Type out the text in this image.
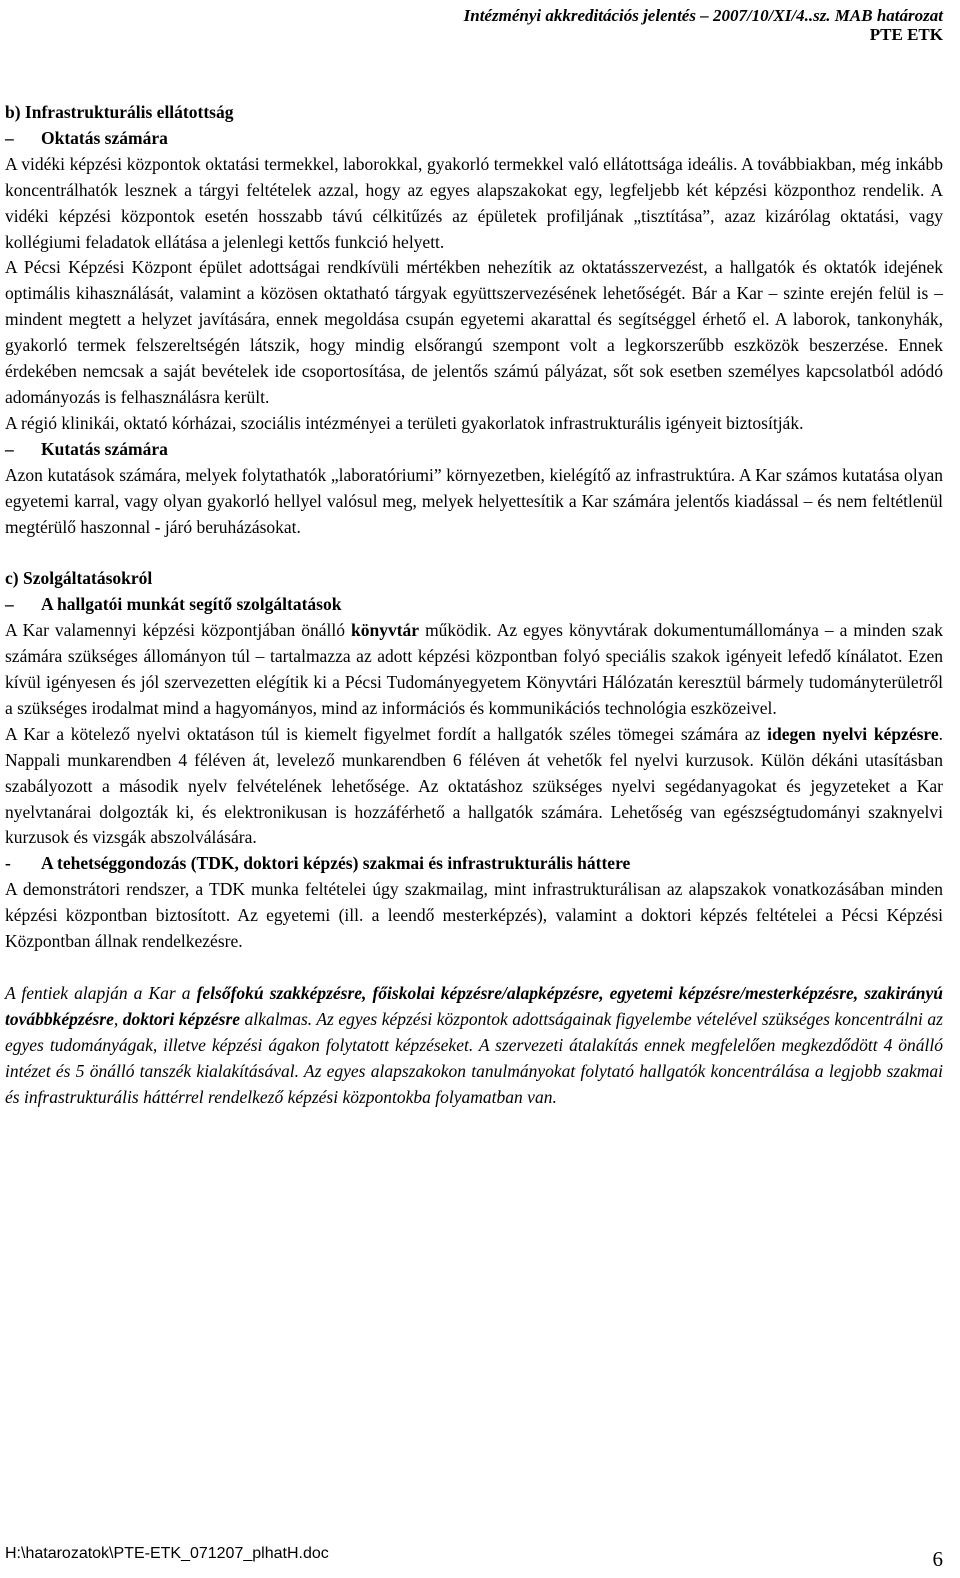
Intézményi akkreditációs jelentés – 2007/10/XI/4..sz. MAB határozat
PTE ETK

b) Infrastrukturális ellátottság

– Oktatás számára

A vidéki képzési központok oktatási termekkel, laborokkal, gyakorló termekkel való ellátottsága ideális. A továbbiakban, még inkább koncentrálhatók lesznek a tárgyi feltételek azzal, hogy az egyes alapszakokat egy, legfeljebb két képzési központhoz rendelik. A vidéki képzési központok esetén hosszabb távú célkitűzés az épületek profiljának „tisztítása”, azaz kizárólag oktatási, vagy kollégiumi feladatok ellátása a jelenlegi kettős funkció helyett.

A Pécsi Képzési Központ épület adottságai rendkívüli mértékben nehezítik az oktatásszervezést, a hallgatók és oktatók idejének optimális kihasználását, valamint a közösen oktatható tárgyak együttszervezésének lehetőségét. Bár a Kar – szinte erején felül is – mindent megtett a helyzet javítására, ennek megoldása csupán egyetemi akarattal és segítséggel érhető el. A laborok, tankonyhák, gyakorló termek felszereltségén látszik, hogy mindig elsőrangú szempont volt a legkorszerűbb eszközök beszerzése. Ennek érdekében nemcsak a saját bevételek ide csoportosítása, de jelentős számú pályázat, sőt sok esetben személyes kapcsolatból adódó adományozás is felhasználásra került.

A régió klinikái, oktató kórházai, szociális intézményei a területi gyakorlatok infrastrukturális igényeit biztosítják.

– Kutatás számára

Azon kutatások számára, melyek folytathatók „laboratóriumi” környezetben, kielégítő az infrastruktúra. A Kar számos kutatása olyan egyetemi karral, vagy olyan gyakorló hellyel valósul meg, melyek helyettesítik a Kar számára jelentős kiadással – és nem feltétlenül megtérülő haszonnal - járó beruházásokat.

c) Szolgáltatásokról

– A hallgatói munkát segítő szolgáltatások

A Kar valamennyi képzési központjában önálló könyvtár működik. Az egyes könyvtárak dokumentumállománya – a minden szak számára szükséges állományon túl – tartalmazza az adott képzési központban folyó speciális szakok igényeit lefedő kínálatot. Ezen kívül igényesen és jól szervezetten elégítik ki a Pécsi Tudományegyetem Könyvtári Hálózatán keresztül bármely tudományterületről a szükséges irodalmat mind a hagyományos, mind az információs és kommunikációs technológia eszközeivel.

A Kar a kötelező nyelvi oktatáson túl is kiemelt figyelmet fordít a hallgatók széles tömegei számára az idegen nyelvi képzésre. Nappali munkarendben 4 féléven át, levelező munkarendben 6 féléven át vehetők fel nyelvi kurzusok. Külön dékáni utasításban szabályozott a második nyelv felvételének lehetősége. Az oktatáshoz szükséges nyelvi segédanyagokat és jegyzeteket a Kar nyelvtanárai dolgozták ki, és elektronikusan is hozzáférhető a hallgatók számára. Lehetőség van egészségtudományi szaknyelvi kurzusok és vizsgák abszolválására.

- A tehetséggondozás (TDK, doktori képzés) szakmai és infrastrukturális háttere

A demonstrátori rendszer, a TDK munka feltételei úgy szakmailag, mint infrastrukturálisan az alapszakok vonatkozásában minden képzési központban biztosított. Az egyetemi (ill. a leendő mesterképzés), valamint a doktori képzés feltételei a Pécsi Képzési Központban állnak rendelkezésre.

A fentiek alapján a Kar a felsőfokú szakképzésre, főiskolai képzésre/alapképzésre, egyetemi képzésre/mesterképzésre, szakirányú továbbképzésre, doktori képzésre alkalmas. Az egyes képzési központok adottságainak figyelembe vételével szükséges koncentrálni az egyes tudományágak, illetve képzési ágakon folytatott képzéseket. A szervezeti átalakítás ennek megfelelően megkezdődött 4 önálló intézet és 5 önálló tanszék kialakításával. Az egyes alapszakokon tanulmányokat folytató hallgatók koncentrálása a legjobb szakmai és infrastrukturális háttérrel rendelkező képzési központokba folyamatban van.

H:\hatarozatok\PTE-ETK_071207_plhatH.doc	6
